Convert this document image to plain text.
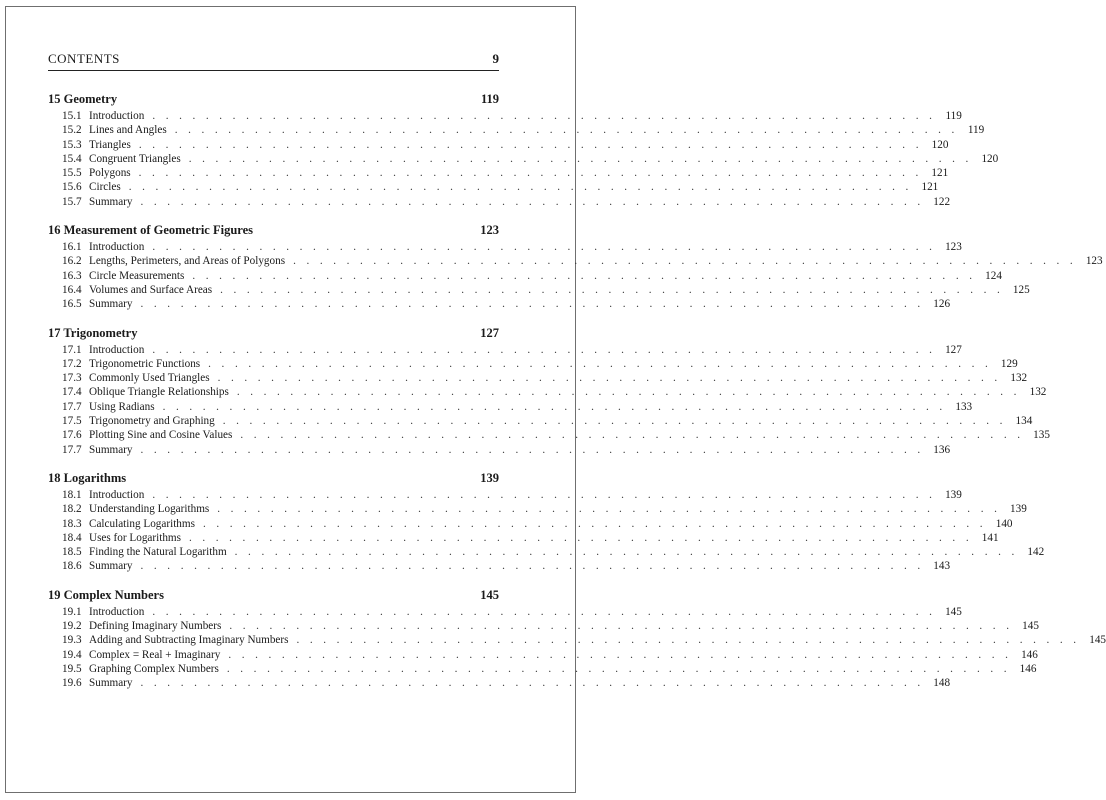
CONTENTS	9
15 Geometry	119
15.1 Introduction . . . . . . . . . . . . . . . . . . . . . . . . . . . . . . . . . . . . . . . . . . . . . . . . . . . . . . . . . . . 119
15.2 Lines and Angles . . . . . . . . . . . . . . . . . . . . . . . . . . . . . . . . . . . . . . . . . . . . . . . . . . . . . . . . . . . 119
15.3 Triangles . . . . . . . . . . . . . . . . . . . . . . . . . . . . . . . . . . . . . . . . . . . . . . . . . . . . . . . . . . . 120
15.4 Congruent Triangles . . . . . . . . . . . . . . . . . . . . . . . . . . . . . . . . . . . . . . . . . . . . . . . . . . . . . . . . . . . 120
15.5 Polygons . . . . . . . . . . . . . . . . . . . . . . . . . . . . . . . . . . . . . . . . . . . . . . . . . . . . . . . . . . . 121
15.6 Circles . . . . . . . . . . . . . . . . . . . . . . . . . . . . . . . . . . . . . . . . . . . . . . . . . . . . . . . . . . . 121
15.7 Summary . . . . . . . . . . . . . . . . . . . . . . . . . . . . . . . . . . . . . . . . . . . . . . . . . . . . . . . . . . . 122
16 Measurement of Geometric Figures	123
16.1 Introduction . . . . . . . . . . . . . . . . . . . . . . . . . . . . . . . . . . . . . . . . . . . . . . . . . . . . . . . . . . . 123
16.2 Lengths, Perimeters, and Areas of Polygons . . . . . . . . . . . . . . . . . . . . . . . . . . . . . . . . . . . . . . . . . . . . . . . . . . . . . . . . . . . 123
16.3 Circle Measurements . . . . . . . . . . . . . . . . . . . . . . . . . . . . . . . . . . . . . . . . . . . . . . . . . . . . . . . . . . . 124
16.4 Volumes and Surface Areas . . . . . . . . . . . . . . . . . . . . . . . . . . . . . . . . . . . . . . . . . . . . . . . . . . . . . . . . . . . 125
16.5 Summary . . . . . . . . . . . . . . . . . . . . . . . . . . . . . . . . . . . . . . . . . . . . . . . . . . . . . . . . . . . 126
17 Trigonometry	127
17.1 Introduction . . . . . . . . . . . . . . . . . . . . . . . . . . . . . . . . . . . . . . . . . . . . . . . . . . . . . . . . . . . 127
17.2 Trigonometric Functions . . . . . . . . . . . . . . . . . . . . . . . . . . . . . . . . . . . . . . . . . . . . . . . . . . . . . . . . . . . 129
17.3 Commonly Used Triangles . . . . . . . . . . . . . . . . . . . . . . . . . . . . . . . . . . . . . . . . . . . . . . . . . . . . . . . . . . . 132
17.4 Oblique Triangle Relationships . . . . . . . . . . . . . . . . . . . . . . . . . . . . . . . . . . . . . . . . . . . . . . . . . . . . . . . . . . . 132
17.7 Using Radians . . . . . . . . . . . . . . . . . . . . . . . . . . . . . . . . . . . . . . . . . . . . . . . . . . . . . . . . . . . 133
17.5 Trigonometry and Graphing . . . . . . . . . . . . . . . . . . . . . . . . . . . . . . . . . . . . . . . . . . . . . . . . . . . . . . . . . . . 134
17.6 Plotting Sine and Cosine Values . . . . . . . . . . . . . . . . . . . . . . . . . . . . . . . . . . . . . . . . . . . . . . . . . . . . . . . . . . . 135
17.7 Summary . . . . . . . . . . . . . . . . . . . . . . . . . . . . . . . . . . . . . . . . . . . . . . . . . . . . . . . . . . . 136
18 Logarithms	139
18.1 Introduction . . . . . . . . . . . . . . . . . . . . . . . . . . . . . . . . . . . . . . . . . . . . . . . . . . . . . . . . . . . 139
18.2 Understanding Logarithms . . . . . . . . . . . . . . . . . . . . . . . . . . . . . . . . . . . . . . . . . . . . . . . . . . . . . . . . . . . 139
18.3 Calculating Logarithms . . . . . . . . . . . . . . . . . . . . . . . . . . . . . . . . . . . . . . . . . . . . . . . . . . . . . . . . . . . 140
18.4 Uses for Logarithms . . . . . . . . . . . . . . . . . . . . . . . . . . . . . . . . . . . . . . . . . . . . . . . . . . . . . . . . . . . 141
18.5 Finding the Natural Logarithm . . . . . . . . . . . . . . . . . . . . . . . . . . . . . . . . . . . . . . . . . . . . . . . . . . . . . . . . . . . 142
18.6 Summary . . . . . . . . . . . . . . . . . . . . . . . . . . . . . . . . . . . . . . . . . . . . . . . . . . . . . . . . . . . 143
19 Complex Numbers	145
19.1 Introduction . . . . . . . . . . . . . . . . . . . . . . . . . . . . . . . . . . . . . . . . . . . . . . . . . . . . . . . . . . . 145
19.2 Defining Imaginary Numbers . . . . . . . . . . . . . . . . . . . . . . . . . . . . . . . . . . . . . . . . . . . . . . . . . . . . . . . . . . . 145
19.3 Adding and Subtracting Imaginary Numbers . . . . . . . . . . . . . . . . . . . . . . . . . . . . . . . . . . . . . . . . . . . . . . . . . . . . . . . . . . . 145
19.4 Complex = Real + Imaginary . . . . . . . . . . . . . . . . . . . . . . . . . . . . . . . . . . . . . . . . . . . . . . . . . . . . . . . . . . . 146
19.5 Graphing Complex Numbers . . . . . . . . . . . . . . . . . . . . . . . . . . . . . . . . . . . . . . . . . . . . . . . . . . . . . . . . . . . 146
19.6 Summary . . . . . . . . . . . . . . . . . . . . . . . . . . . . . . . . . . . . . . . . . . . . . . . . . . . . . . . . . . . 148
